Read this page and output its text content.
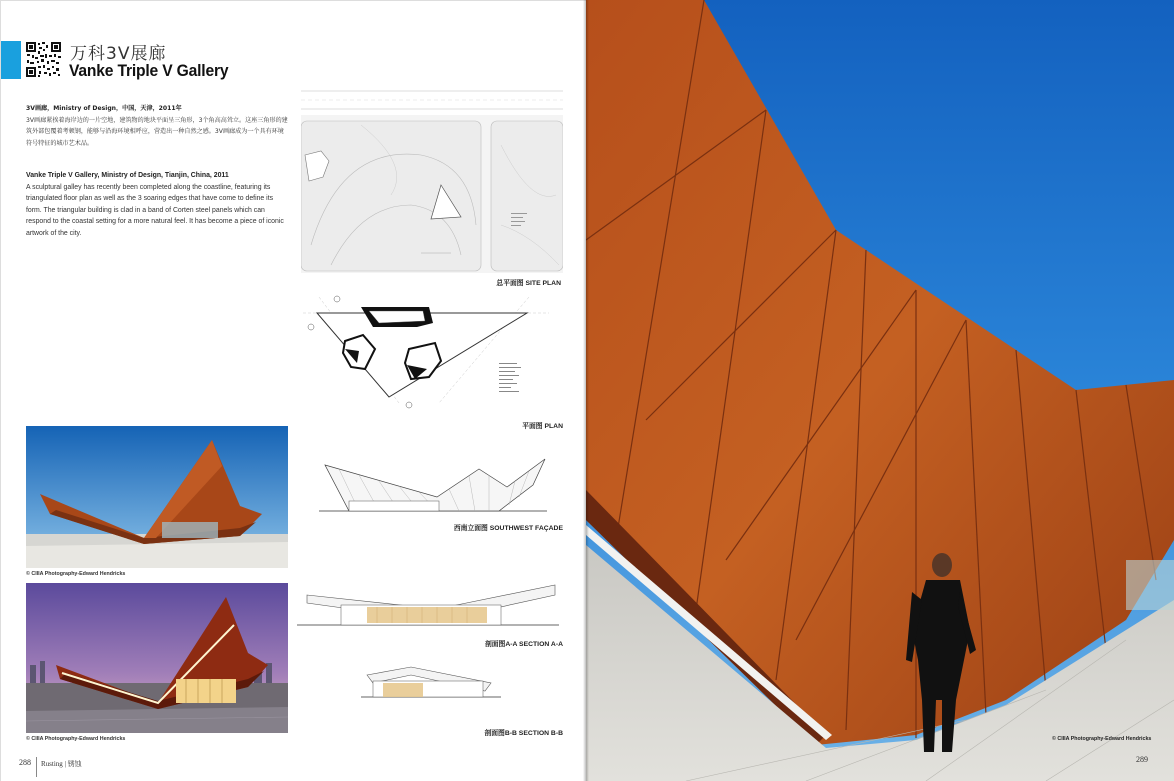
万科3V展廊
Vanke Triple V Gallery
3V画廊，Ministry of Design，中国，天津，2011年
3V画廊紧挨着海岸边的一片空地，建筑物的地块平面呈三角形，3个角高高耸立。这座三角形的建筑外部包覆着考顿钢，能够与沿海环境相呼应，营造出一种自然之感。3V画廊成为一个具有环境符号特征的城市艺术品。
Vanke Triple V Gallery, Ministry of Design, Tianjin, China, 2011
A sculptural galley has recently been completed along the coastline, featuring its triangulated floor plan as well as the 3 soaring edges that have come to define its form. The triangular building is clad in a band of Corten steel panels which can respond to the coastal setting for a more natural feel. It has become a piece of iconic artwork of the city.
总平面图 SITE PLAN
平面图 PLAN
西南立面图 SOUTHWEST FAÇADE
剖面图A-A SECTION A-A
剖面图B-B SECTION B-B
© CIIIA Photography-Edward Hendricks
© CIIIA Photography-Edward Hendricks
288 Rusting | 锈蚀
© CIIIA Photography-Edward Hendricks
289
